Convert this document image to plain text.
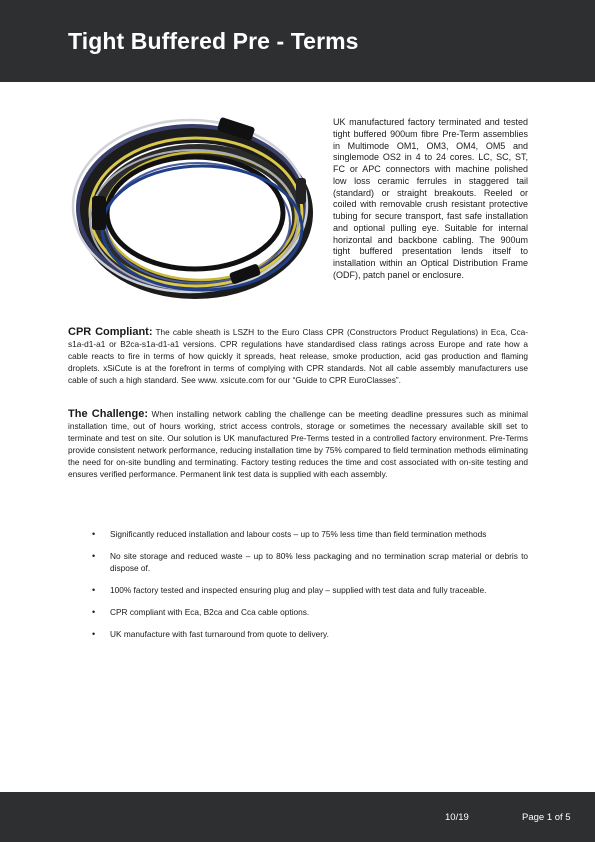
Tight Buffered Pre - Terms

UK manufactured factory terminated and tested tight buffered 900um fibre Pre-Term assemblies in Multimode OM1, OM3, OM4, OM5 and singlemode OS2 in 4 to 24 cores. LC, SC, ST, FC or APC connectors with machine polished low loss ceramic ferrules in staggered tail (standard) or straight breakouts. Reeled or coiled with removable crush resistant protective tubing for secure transport, fast safe installation and optional pulling eye. Suitable for internal horizontal and backbone cabling. The 900um tight buffered presentation lends itself to installation within an Optical Distribution Frame (ODF), patch panel or enclosure.

CPR Compliant: The cable sheath is LSZH to the Euro Class CPR (Constructors Product Regulations) in Eca, Cca-s1a-d1-a1 or B2ca-s1a-d1-a1 versions. CPR regulations have standardised class ratings across Europe and rate how a cable reacts to fire in terms of how quickly it spreads, heat release, smoke production, acid gas production and flaming droplets. xSiCute is at the forefront in terms of complying with CPR standards. Not all cable assembly manufacturers use cable of such a high standard. See www. xsicute.com for our “Guide to CPR EuroClasses”.

The Challenge: When installing network cabling the challenge can be meeting deadline pressures such as minimal installation time, out of hours working, strict access controls, storage or sometimes the necessary available skill set to terminate and test on site. Our solution is UK manufactured Pre-Terms tested in a controlled factory environment. Pre-Terms provide consistent network performance, reducing installation time by 75% compared to field termination methods eliminating the need for on-site bundling and terminating. Factory testing reduces the time and cost associated with on-site testing and ensures verified performance. Permanent link test data is supplied with each assembly.

• Significantly reduced installation and labour costs – up to 75% less time than field termination methods
• No site storage and reduced waste – up to 80% less packaging and no termination scrap material or debris to dispose of.
• 100% factory tested and inspected ensuring plug and play – supplied with test data and fully traceable.
• CPR compliant with Eca, B2ca and Cca cable options.
• UK manufacture with fast turnaround from quote to delivery.
10/19	Page 1 of 5
